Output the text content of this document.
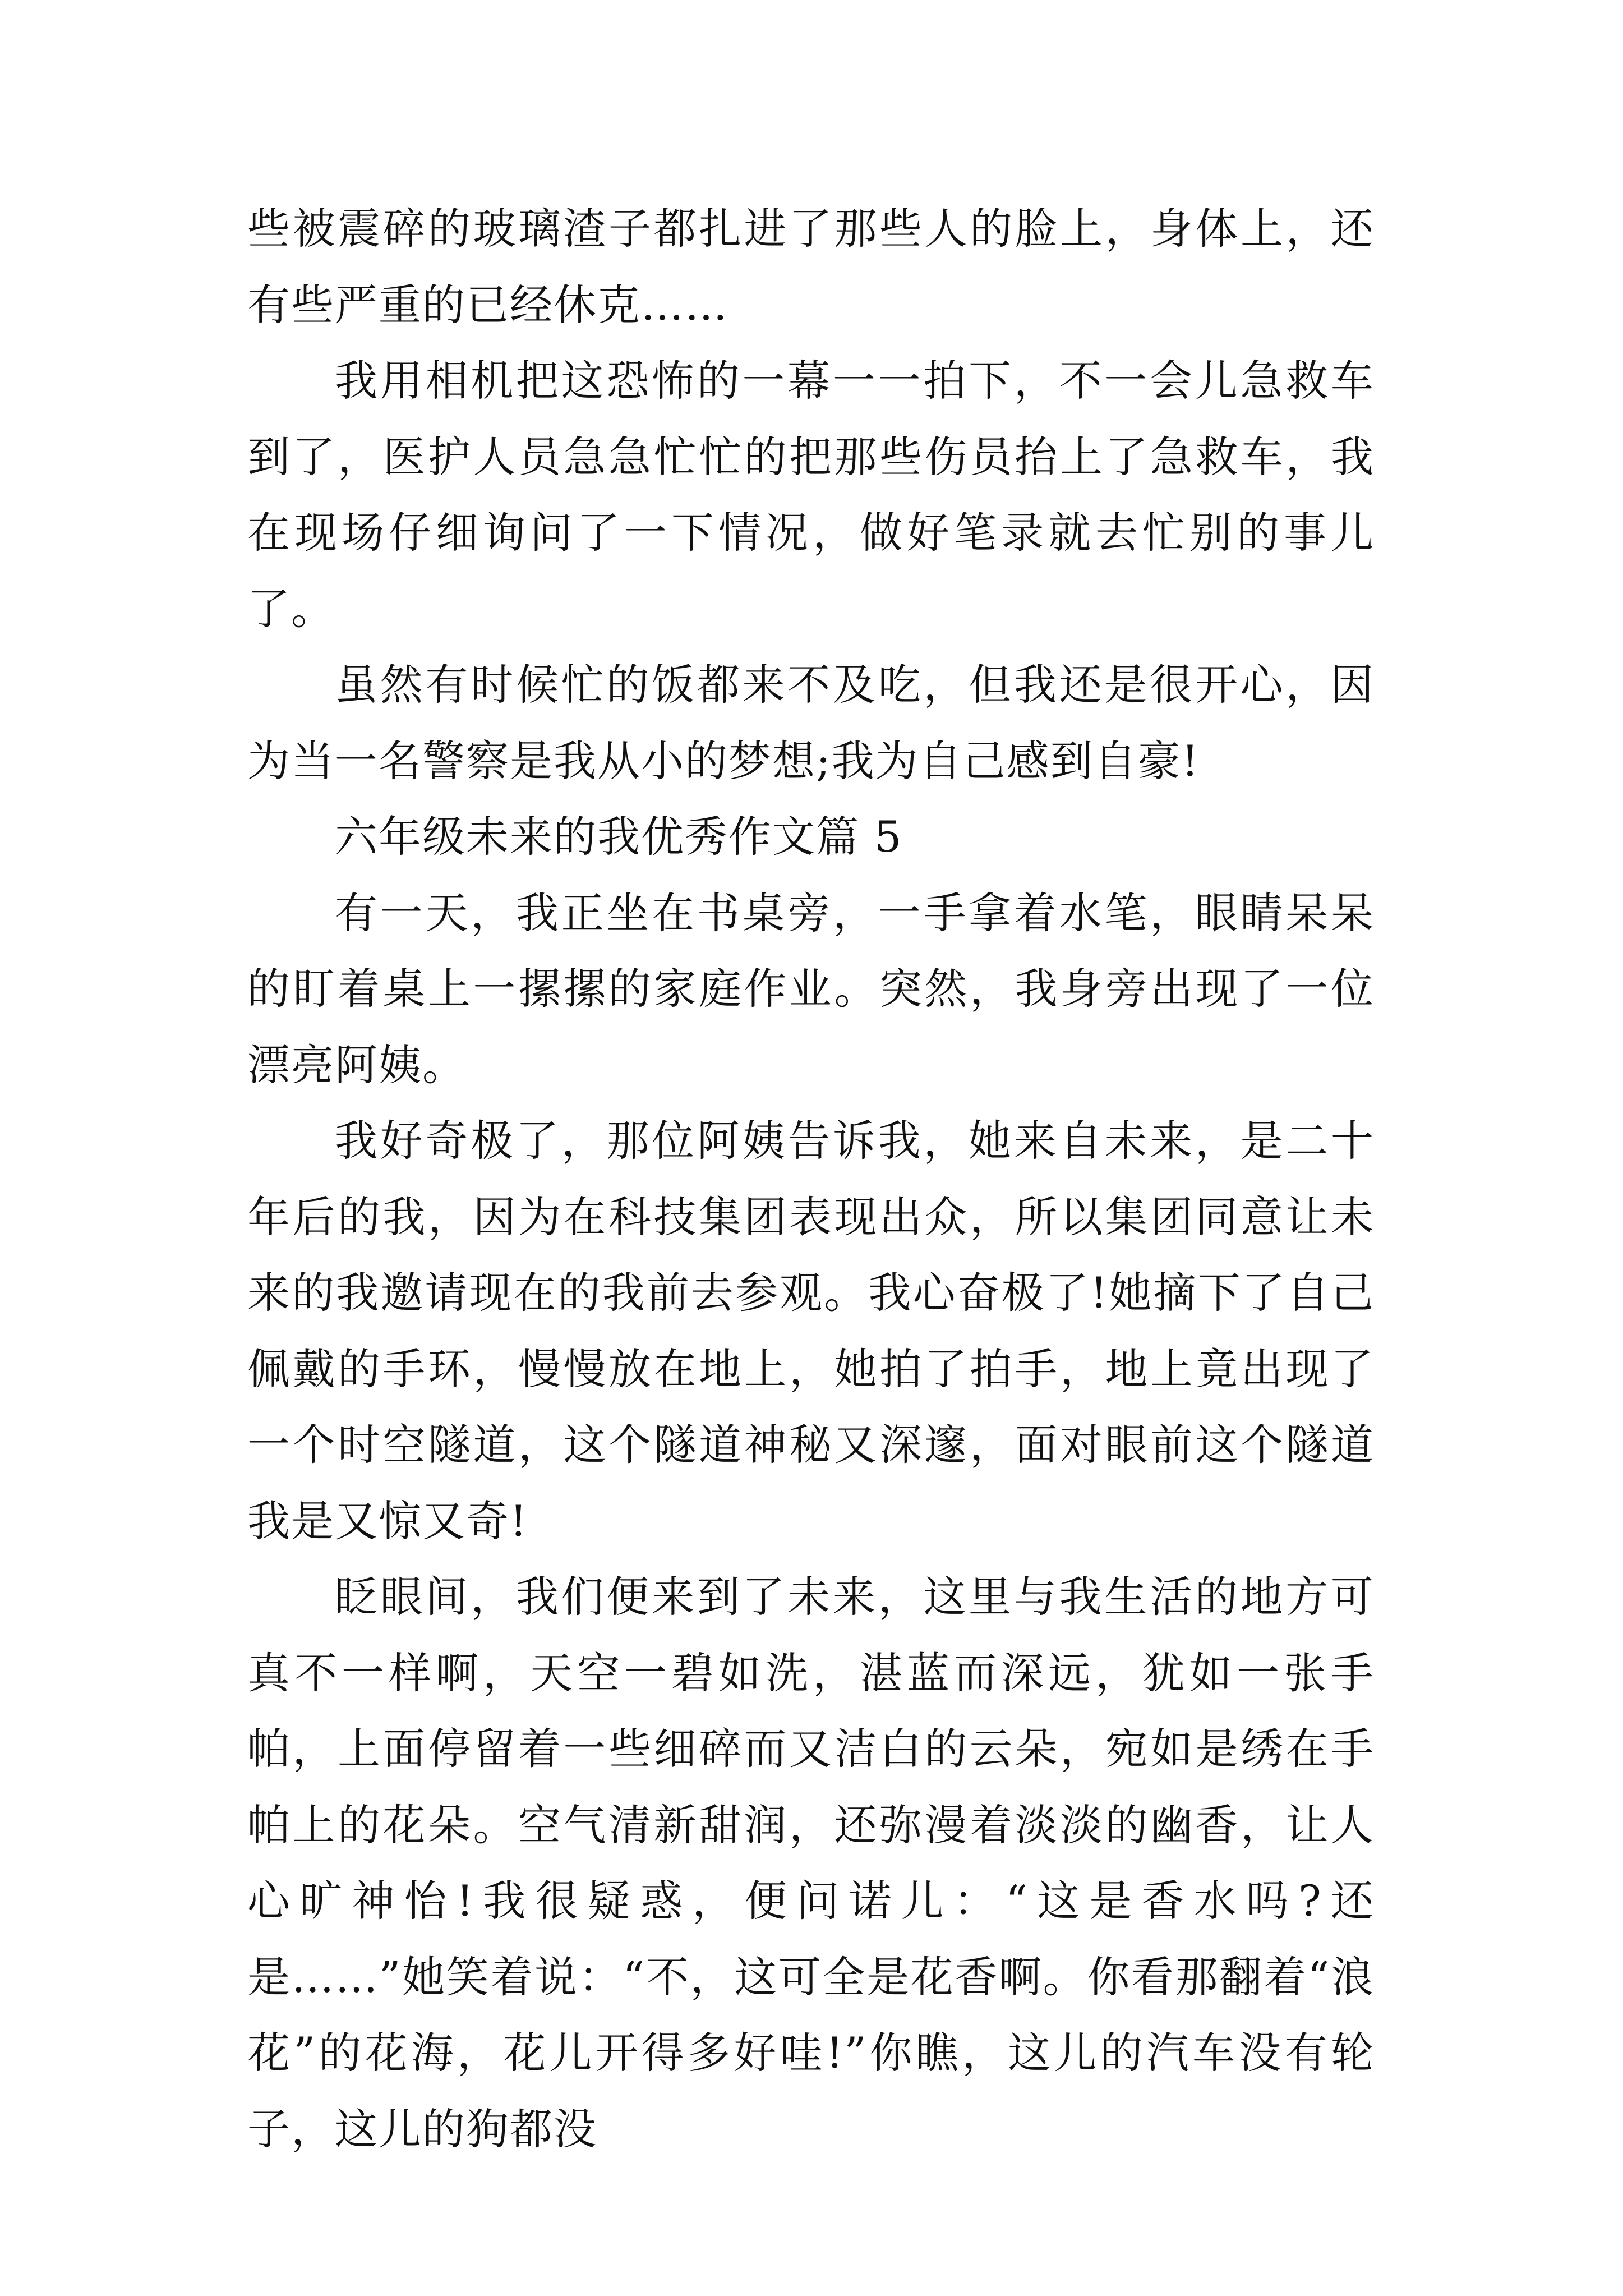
些被震碎的玻璃渣子都扎进了那些人的脸上，身体上，还有些严重的已经休克……

我用相机把这恐怖的一幕一一拍下，不一会儿急救车到了，医护人员急急忙忙的把那些伤员抬上了急救车，我在现场仔细询问了一下情况，做好笔录就去忙别的事儿了。

虽然有时候忙的饭都来不及吃，但我还是很开心，因为当一名警察是我从小的梦想;我为自己感到自豪!

六年级未来的我优秀作文篇 5

有一天，我正坐在书桌旁，一手拿着水笔，眼睛呆呆的盯着桌上一摞摞的家庭作业。突然，我身旁出现了一位漂亮阿姨。

我好奇极了，那位阿姨告诉我，她来自未来，是二十年后的我，因为在科技集团表现出众，所以集团同意让未来的我邀请现在的我前去参观。我心奋极了!她摘下了自己佩戴的手环，慢慢放在地上，她拍了拍手，地上竟出现了一个时空隧道，这个隧道神秘又深邃，面对眼前这个隧道我是又惊又奇!

眨眼间，我们便来到了未来，这里与我生活的地方可真不一样啊，天空一碧如洗，湛蓝而深远，犹如一张手帕，上面停留着一些细碎而又洁白的云朵，宛如是绣在手帕上的花朵。空气清新甜润，还弥漫着淡淡的幽香，让人心旷神怡!我很疑惑，便问诺儿：“这是香水吗?还是……”她笑着说：“不，这可全是花香啊。你看那翻着“浪花”的花海，花儿开得多好哇!”你瞧，这儿的汽车没有轮子，这儿的狗都没
